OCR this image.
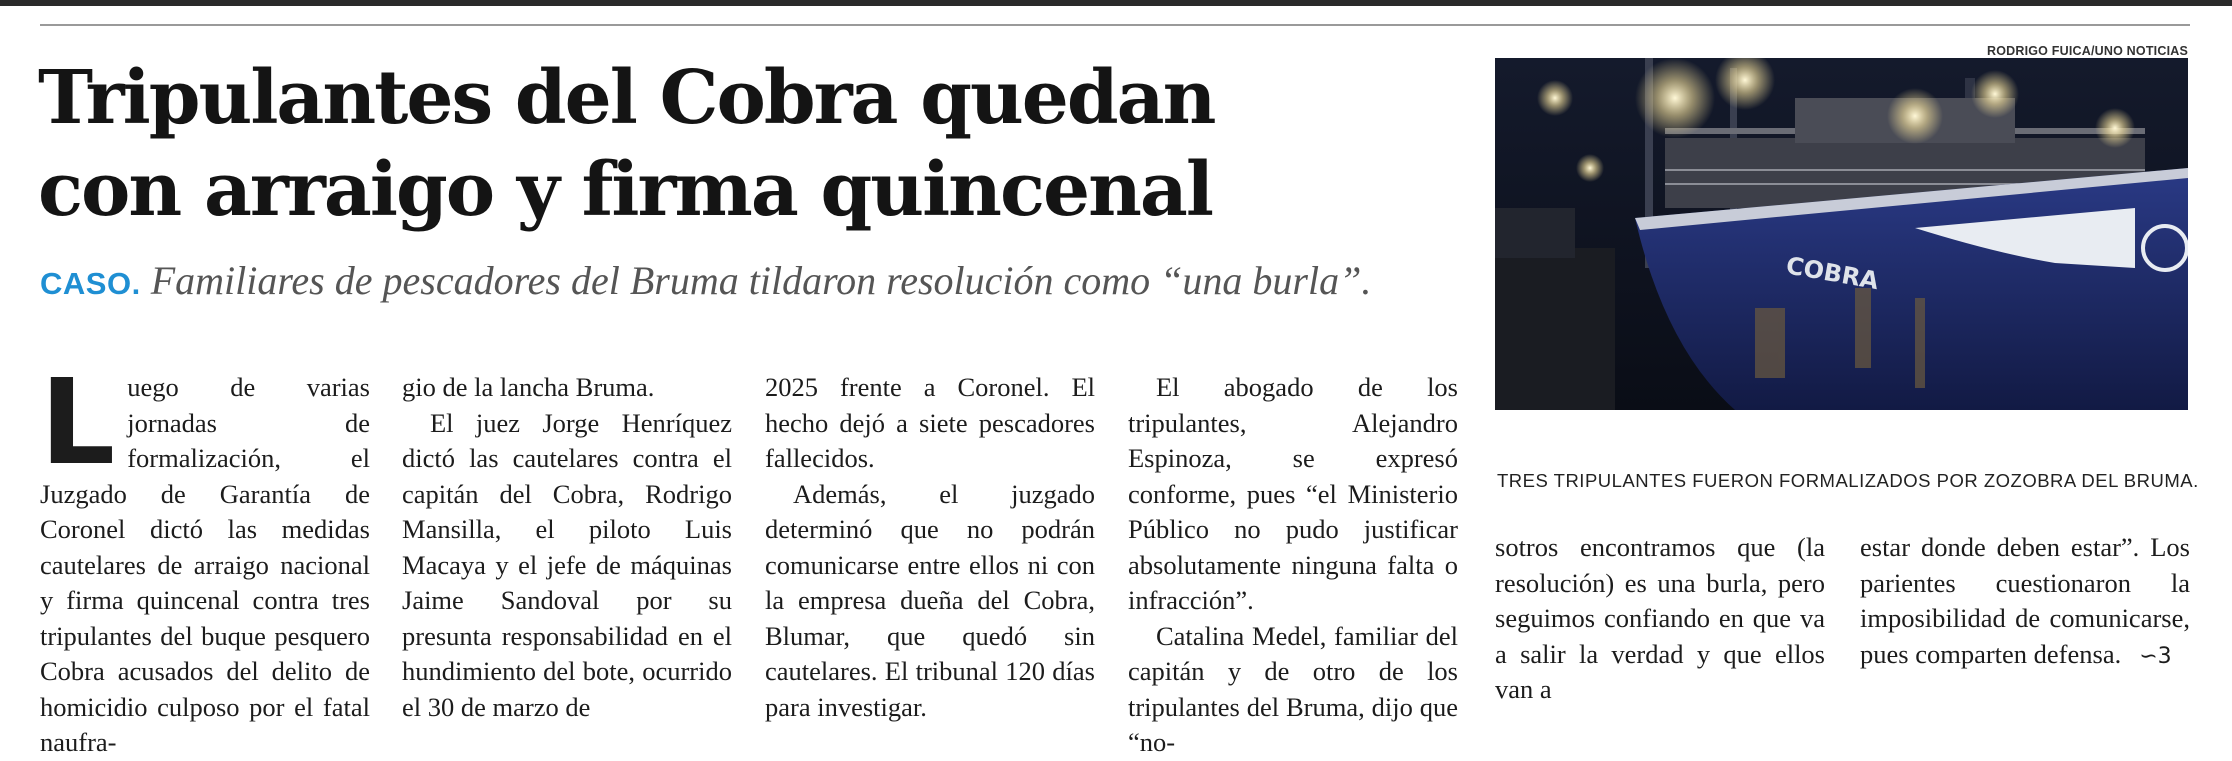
Tripulantes del Cobra quedan
con arraigo y firma quincenal
CASO. Familiares de pescadores del Bruma tildaron resolución como “una burla”.

Luego de varias jornadas de formalización, el Juzgado de Garantía de Coronel dictó las medidas cautelares de arraigo nacional y firma quincenal contra tres tripulantes del buque pesquero Cobra acusados del delito de homicidio culposo por el fatal naufra-

gio de la lancha Bruma.

El juez Jorge Henríquez dictó las cautelares contra el capitán del Cobra, Rodrigo Mansilla, el piloto Luis Macaya y el jefe de máquinas Jaime Sandoval por su presunta responsabilidad en el hundimiento del bote, ocurrido el 30 de marzo de

2025 frente a Coronel. El hecho dejó a siete pescadores fallecidos.

Además, el juzgado determinó que no podrán comunicarse entre ellos ni con la empresa dueña del Cobra, Blumar, que quedó sin cautelares. El tribunal 120 días para investigar.

El abogado de los tripulantes, Alejandro Espinoza, se expresó conforme, pues “el Ministerio Público no pudo justificar absolutamente ninguna falta o infracción”.

Catalina Medel, familiar del capitán y de otro de los tripulantes del Bruma, dijo que “no-

RODRIGO FUICA/UNO NOTICIAS
COBRA
TRES TRIPULANTES FUERON FORMALIZADOS POR ZOZOBRA DEL BRUMA.

sotros encontramos que (la resolución) es una burla, pero seguimos confiando en que va a salir la verdad y que ellos van a

estar donde deben estar”. Los parientes cuestionaron la imposibilidad de comunicarse, pues comparten defensa. ∽3
